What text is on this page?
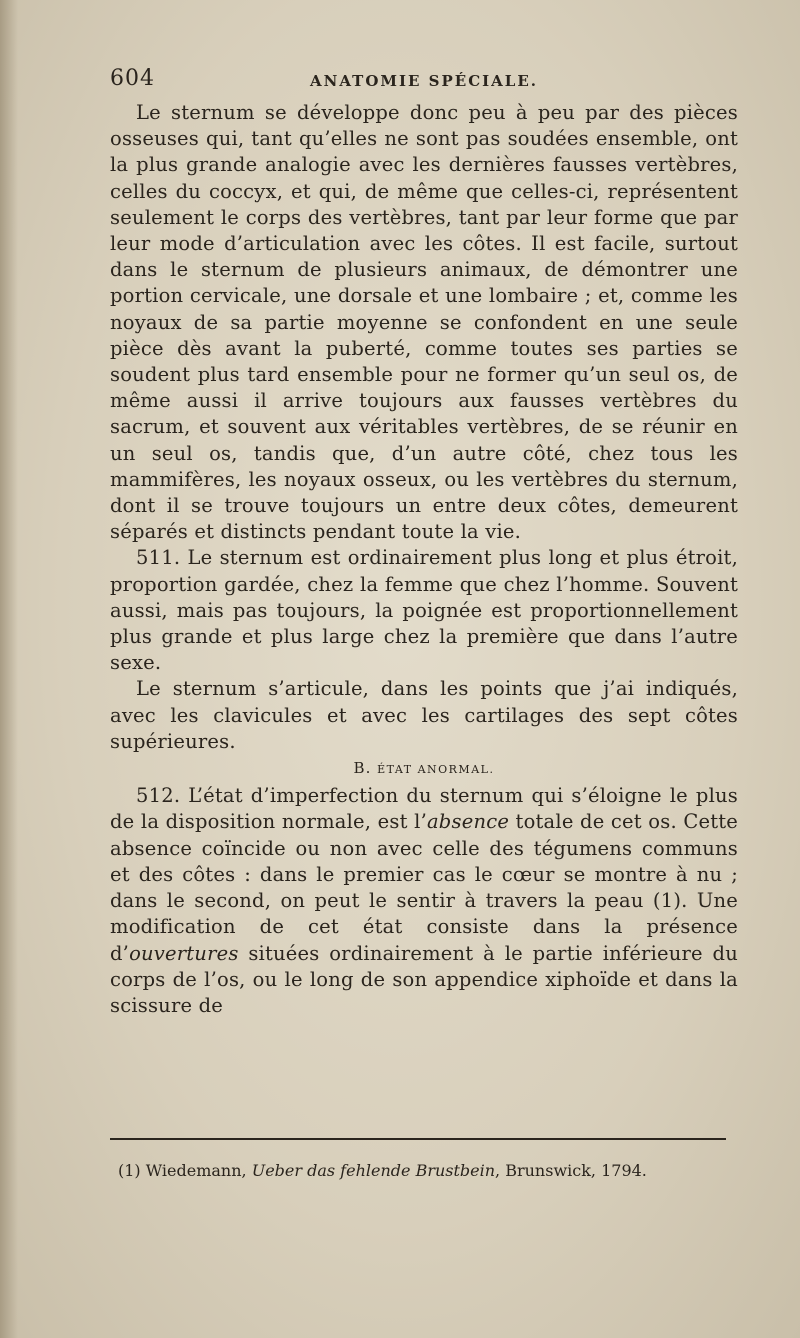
604	ANATOMIE SPÉCIALE.

Le sternum se développe donc peu à peu par des pièces osseuses qui, tant qu’elles ne sont pas soudées ensemble, ont la plus grande analogie avec les dernières fausses vertèbres, celles du coccyx, et qui, de même que celles-ci, représentent seulement le corps des vertèbres, tant par leur forme que par leur mode d’articulation avec les côtes. Il est facile, surtout dans le sternum de plusieurs animaux, de démontrer une portion cervicale, une dorsale et une lombaire ; et, comme les noyaux de sa partie moyenne se confondent en une seule pièce dès avant la puberté, comme toutes ses parties se soudent plus tard ensemble pour ne former qu’un seul os, de même aussi il arrive toujours aux fausses vertèbres du sacrum, et souvent aux véritables vertèbres, de se réunir en un seul os, tandis que, d’un autre côté, chez tous les mammifères, les noyaux osseux, ou les vertèbres du sternum, dont il se trouve toujours un entre deux côtes, demeurent séparés et distincts pendant toute la vie.

511. Le sternum est ordinairement plus long et plus étroit, proportion gardée, chez la femme que chez l’homme. Souvent aussi, mais pas toujours, la poignée est proportionnellement plus grande et plus large chez la première que dans l’autre sexe.

Le sternum s’articule, dans les points que j’ai indiqués, avec les clavicules et avec les cartilages des sept côtes supérieures.

B. ÉTAT ANORMAL.

512. L’état d’imperfection du sternum qui s’éloigne le plus de la disposition normale, est l’absence totale de cet os. Cette absence coïncide ou non avec celle des tégumens communs et des côtes : dans le premier cas le cœur se montre à nu ; dans le second, on peut le sentir à travers la peau (1). Une modification de cet état consiste dans la présence d’ouvertures situées ordinairement à le partie inférieure du corps de l’os, ou le long de son appendice xiphoïde et dans la scissure de

(1) Wiedemann, Ueber das fehlende Brustbein, Brunswick, 1794.
